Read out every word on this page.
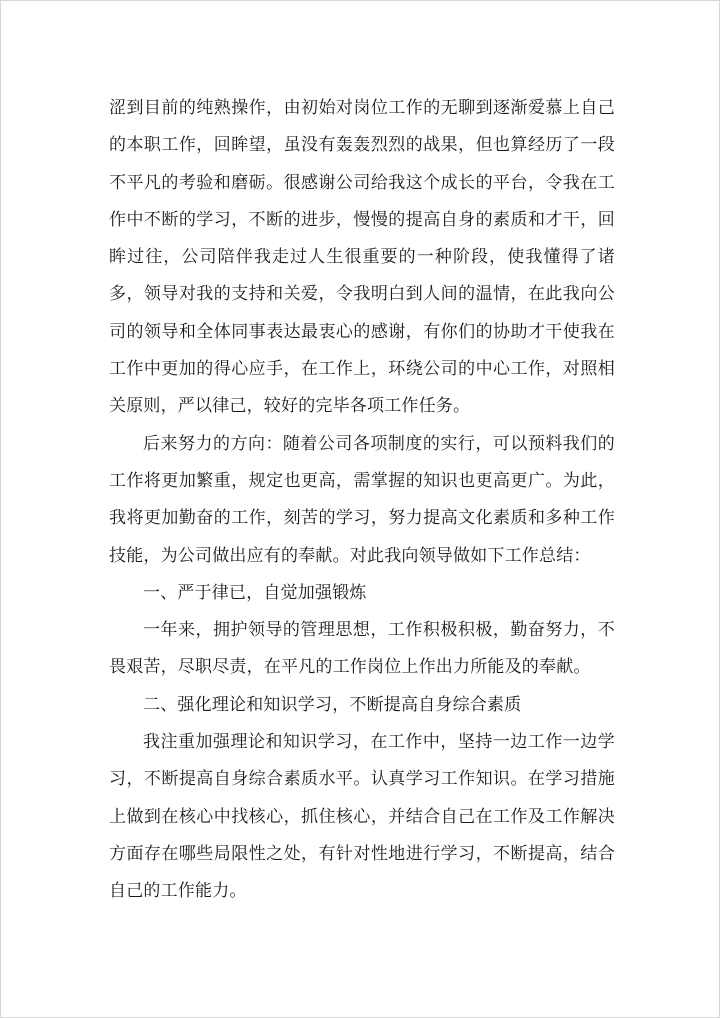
涩到目前的纯熟操作，由初始对岗位工作的无聊到逐渐爱慕上自己的本职工作，回眸望，虽没有轰轰烈烈的战果，但也算经历了一段不平凡的考验和磨砺。很感谢公司给我这个成长的平台，令我在工作中不断的学习，不断的进步，慢慢的提高自身的素质和才干，回眸过往，公司陪伴我走过人生很重要的一种阶段，使我懂得了诸多，领导对我的支持和关爱，令我明白到人间的温情，在此我向公司的领导和全体同事表达最衷心的感谢，有你们的协助才干使我在工作中更加的得心应手，在工作上，环绕公司的中心工作，对照相关原则，严以律己，较好的完毕各项工作任务。

后来努力的方向：随着公司各项制度的实行，可以预料我们的工作将更加繁重，规定也更高，需掌握的知识也更高更广。为此，我将更加勤奋的工作，刻苦的学习，努力提高文化素质和多种工作技能，为公司做出应有的奉献。对此我向领导做如下工作总结：

一、严于律已，自觉加强锻炼

一年来，拥护领导的管理思想，工作积极积极，勤奋努力，不畏艰苦，尽职尽责，在平凡的工作岗位上作出力所能及的奉献。

二、强化理论和知识学习，不断提高自身综合素质

我注重加强理论和知识学习，在工作中，坚持一边工作一边学习，不断提高自身综合素质水平。认真学习工作知识。在学习措施上做到在核心中找核心，抓住核心，并结合自己在工作及工作解决方面存在哪些局限性之处，有针对性地进行学习，不断提高，结合自己的工作能力。
